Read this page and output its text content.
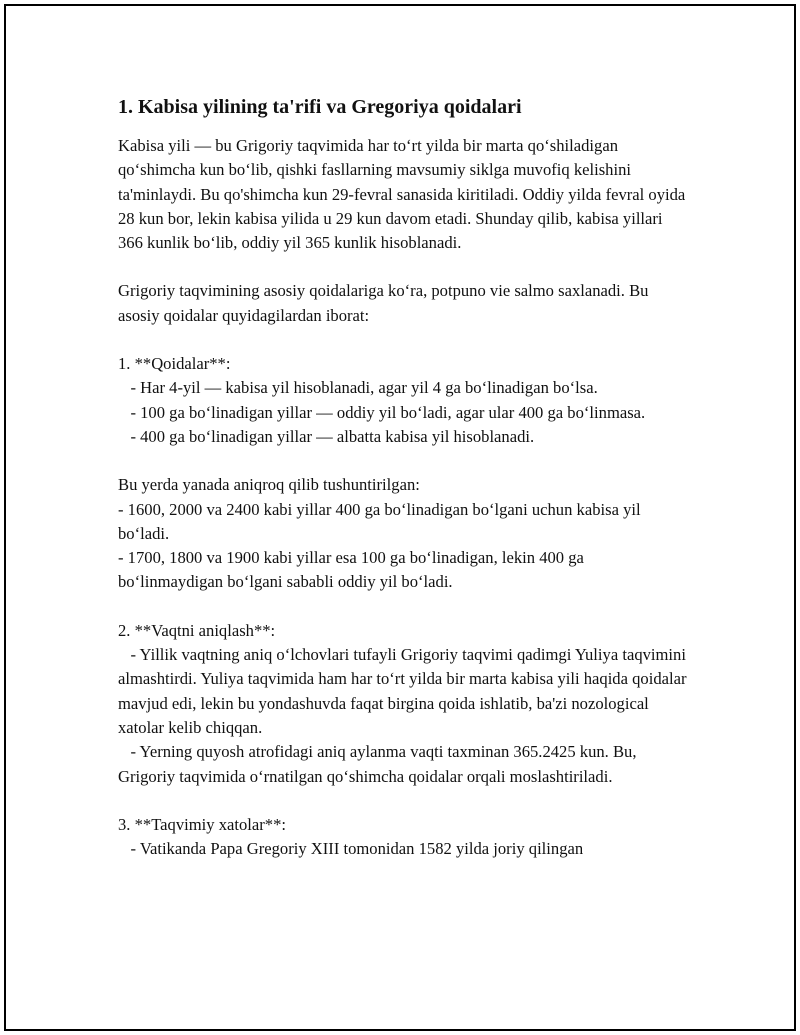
1. Kabisa yilining ta'rifi va Gregoriya qoidalari

Kabisa yili — bu Grigoriy taqvimida har to‘rt yilda bir marta qo‘shiladigan qo‘shimcha kun bo‘lib, qishki fasllarning mavsumiy siklga muvofiq kelishini ta'minlaydi. Bu qo'shimcha kun 29-fevral sanasida kiritiladi. Oddiy yilda fevral oyida 28 kun bor, lekin kabisa yilida u 29 kun davom etadi. Shunday qilib, kabisa yillari 366 kunlik bo‘lib, oddiy yil 365 kunlik hisoblanadi.

Grigoriy taqvimining asosiy qoidalariga ko‘ra, potpuno vie salmo saxlanadi. Bu asosiy qoidalar quyidagilardan iborat:

1. **Qoidalar**:
- Har 4-yil — kabisa yil hisoblanadi, agar yil 4 ga bo‘linadigan bo‘lsa.
- 100 ga bo‘linadigan yillar — oddiy yil bo‘ladi, agar ular 400 ga bo‘linmasa.
- 400 ga bo‘linadigan yillar — albatta kabisa yil hisoblanadi.

Bu yerda yanada aniqroq qilib tushuntirilgan:
- 1600, 2000 va 2400 kabi yillar 400 ga bo‘linadigan bo‘lgani uchun kabisa yil bo‘ladi.
- 1700, 1800 va 1900 kabi yillar esa 100 ga bo‘linadigan, lekin 400 ga bo‘linmaydigan bo‘lgani sababli oddiy yil bo‘ladi.

2. **Vaqtni aniqlash**:
- Yillik vaqtning aniq o‘lchovlari tufayli Grigoriy taqvimi qadimgi Yuliya taqvimini almashtirdi. Yuliya taqvimida ham har to‘rt yilda bir marta kabisa yili haqida qoidalar mavjud edi, lekin bu yondashuvda faqat birgina qoida ishlatib, ba'zi nozological xatolar kelib chiqqan.
- Yerning quyosh atrofidagi aniq aylanma vaqti taxminan 365.2425 kun. Bu, Grigoriy taqvimida o‘rnatilgan qo‘shimcha qoidalar orqali moslashtiriladi.

3. **Taqvimiy xatolar**:
- Vatikanda Papa Gregoriy XIII tomonidan 1582 yilda joriy qilingan
